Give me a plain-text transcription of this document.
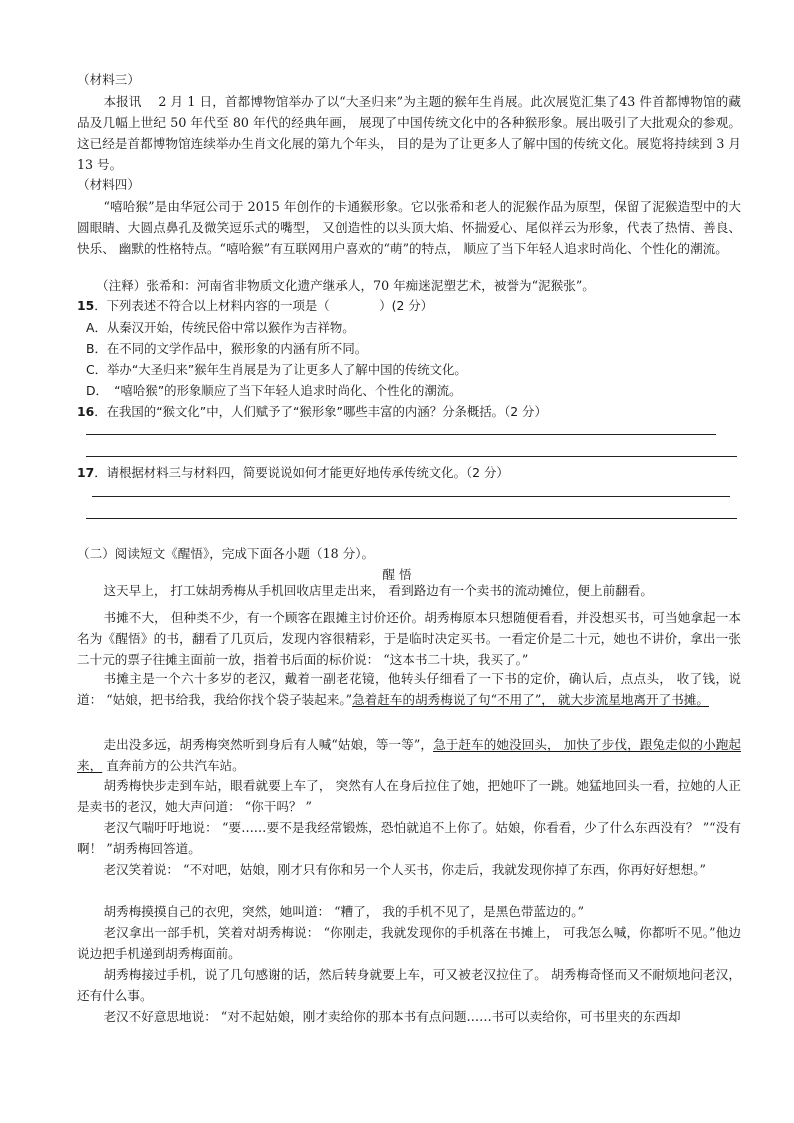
（材料三）
本报讯　 2 月 1 日，首都博物馆举办了以“大圣归来”为主题的猴年生肖展。此次展览汇集了43 件首都博物馆的藏品及几幅上世纪 50 年代至 80 年代的经典年画， 展现了中国传统文化中的各种猴形象。展出吸引了大批观众的参观。这已经是首都博物馆连续举办生肖文化展的第九个年头， 目的是为了让更多人了解中国的传统文化。展览将持续到 3 月 13 号。
（材料四）
“嘻哈猴”是由华冠公司于 2015 年创作的卡通猴形象。它以张希和老人的泥猴作品为原型，保留了泥猴造型中的大圆眼睛、大圆点鼻孔及微笑逗乐式的嘴型， 又创造性的以头顶大焰、怀揣爱心、尾似祥云为形象，代表了热情、善良、快乐、 幽默的性格特点。“嘻哈猴”有互联网用户喜欢的“萌”的特点， 顺应了当下年轻人追求时尚化、个性化的潮流。
（注释）张希和：河南省非物质文化遗产继承人，70 年痴迷泥塑艺术，被誉为“泥猴张”。
15．下列表述不符合以上材料内容的一项是（　　　　）(2 分）
A．从秦汉开始，传统民俗中常以猴作为吉祥物。
B．在不同的文学作品中，猴形象的内涵有所不同。
C．举办“大圣归来”猴年生肖展是为了让更多人了解中国的传统文化。
D．　“嘻哈猴”的形象顺应了当下年轻人追求时尚化、个性化的潮流。
16．在我国的“猴文化”中，人们赋予了“猴形象”哪些丰富的内涵？分条概括。（2 分）
17．请根据材料三与材料四，简要说说如何才能更好地传承传统文化。（2 分）
（二）阅读短文《醒悟》，完成下面各小题（18 分）。
醒 悟
这天早上， 打工妹胡秀梅从手机回收店里走出来， 看到路边有一个卖书的流动摊位，便上前翻看。
书摊不大， 但种类不少，有一个顾客在跟摊主讨价还价。胡秀梅原本只想随便看看，并没想买书，可当她拿起一本名为《醒悟》的书，翻看了几页后，发现内容很精彩，于是临时决定买书。一看定价是二十元，她也不讲价，拿出一张二十元的票子往摊主面前一放，指着书后面的标价说： “这本书二十块，我买了。”
书摊主是一个六十多岁的老汉，戴着一副老花镜，他转头仔细看了一下书的定价，确认后，点点头， 收了钱，说道： “姑娘，把书给我，我给你找个袋子装起来。”急着赶车的胡秀梅说了句“不用了”， 就大步流星地离开了书摊。
走出没多远，胡秀梅突然听到身后有人喊“姑娘，等一等”，急于赶车的她没回头， 加快了步伐，跟兔走似的小跑起来， 直奔前方的公共汽车站。
胡秀梅快步走到车站，眼看就要上车了， 突然有人在身后拉住了她，把她吓了一跳。她猛地回头一看，拉她的人正是卖书的老汉，她大声问道： “你干吗？ ”
老汉气喘吁吁地说： “要……要不是我经常锻炼，恐怕就追不上你了。姑娘，你看看，少了什么东西没有？ ”“没有啊！ ”胡秀梅回答道。
老汉笑着说： “不对吧，姑娘，刚才只有你和另一个人买书，你走后，我就发现你掉了东西，你再好好想想。”
胡秀梅摸摸自己的衣兜，突然，她叫道： “糟了， 我的手机不见了，是黑色带蓝边的。”
老汉拿出一部手机，笑着对胡秀梅说： “你刚走，我就发现你的手机落在书摊上， 可我怎么喊，你都听不见。”他边说边把手机递到胡秀梅面前。
胡秀梅接过手机，说了几句感谢的话，然后转身就要上车，可又被老汉拉住了。 胡秀梅奇怪而又不耐烦地问老汉，还有什么事。
老汉不好意思地说： “对不起姑娘，刚才卖给你的那本书有点问题……书可以卖给你，可书里夹的东西却
